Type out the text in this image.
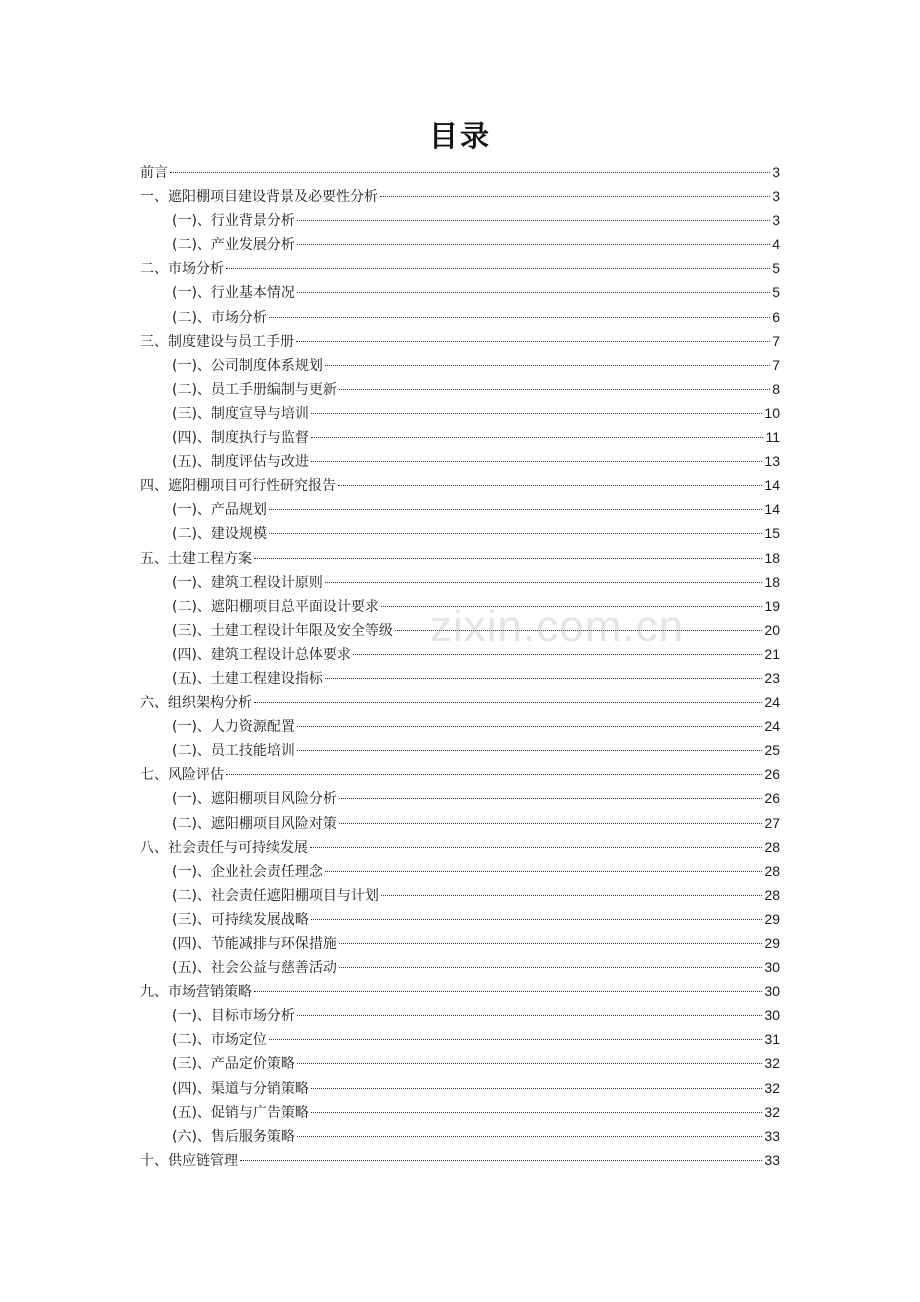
目录
前言	3
一、遮阳棚项目建设背景及必要性分析	3
(一)、行业背景分析	3
(二)、产业发展分析	4
二、市场分析	5
(一)、行业基本情况	5
(二)、市场分析	6
三、制度建设与员工手册	7
(一)、公司制度体系规划	7
(二)、员工手册编制与更新	8
(三)、制度宣导与培训	10
(四)、制度执行与监督	11
(五)、制度评估与改进	13
四、遮阳棚项目可行性研究报告	14
(一)、产品规划	14
(二)、建设规模	15
五、土建工程方案	18
(一)、建筑工程设计原则	18
(二)、遮阳棚项目总平面设计要求	19
(三)、土建工程设计年限及安全等级	20
(四)、建筑工程设计总体要求	21
(五)、土建工程建设指标	23
六、组织架构分析	24
(一)、人力资源配置	24
(二)、员工技能培训	25
七、风险评估	26
(一)、遮阳棚项目风险分析	26
(二)、遮阳棚项目风险对策	27
八、社会责任与可持续发展	28
(一)、企业社会责任理念	28
(二)、社会责任遮阳棚项目与计划	28
(三)、可持续发展战略	29
(四)、节能减排与环保措施	29
(五)、社会公益与慈善活动	30
九、市场营销策略	30
(一)、目标市场分析	30
(二)、市场定位	31
(三)、产品定价策略	32
(四)、渠道与分销策略	32
(五)、促销与广告策略	32
(六)、售后服务策略	33
十、供应链管理	33
zixin.com.cn
